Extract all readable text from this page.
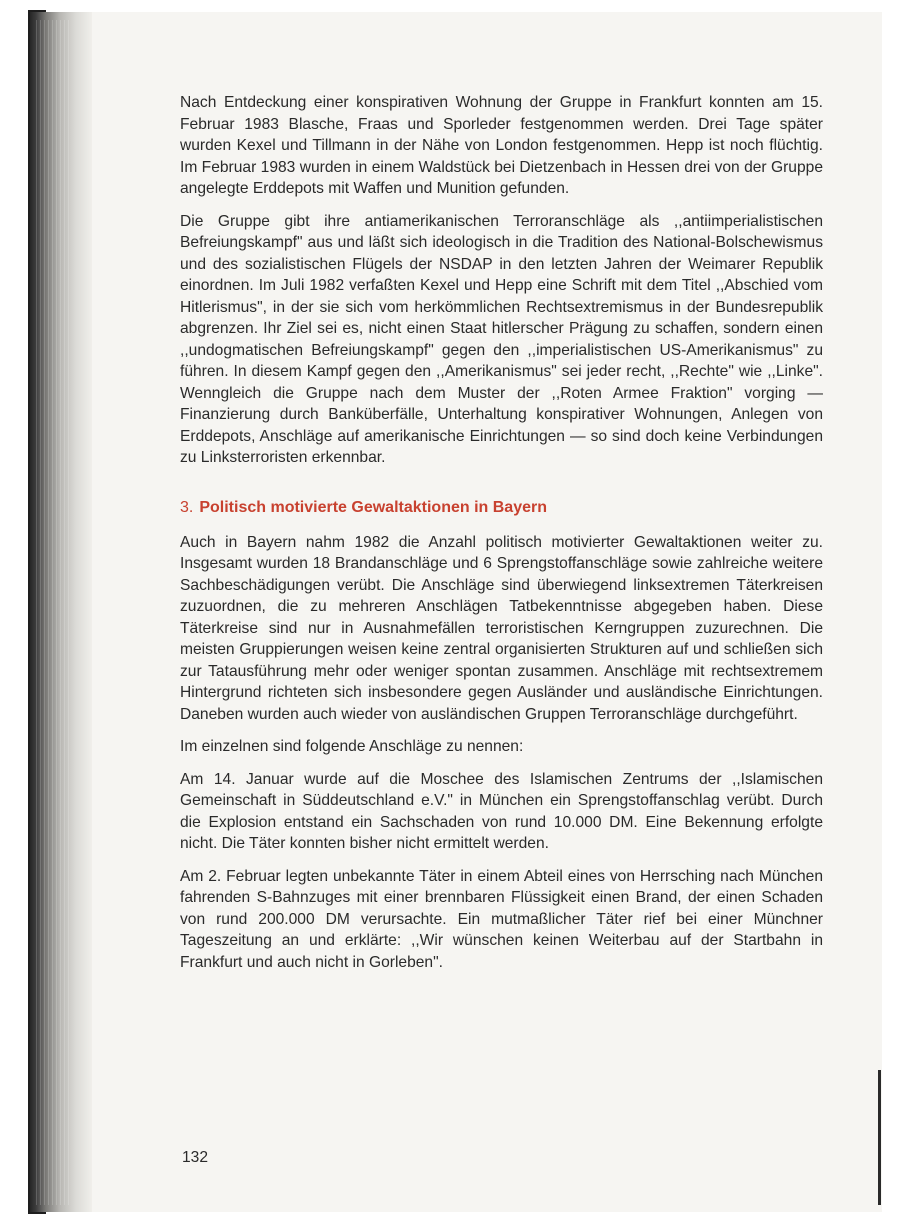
Nach Entdeckung einer konspirativen Wohnung der Gruppe in Frankfurt konnten am 15. Februar 1983 Blasche, Fraas und Sporleder festgenommen werden. Drei Tage später wurden Kexel und Tillmann in der Nähe von London festgenommen. Hepp ist noch flüchtig. Im Februar 1983 wurden in einem Waldstück bei Dietzenbach in Hessen drei von der Gruppe angelegte Erddepots mit Waffen und Munition gefunden.

Die Gruppe gibt ihre antiamerikanischen Terroranschläge als ,,antiimperialistischen Befreiungskampf" aus und läßt sich ideologisch in die Tradition des National-Bolschewismus und des sozialistischen Flügels der NSDAP in den letzten Jahren der Weimarer Republik einordnen. Im Juli 1982 verfaßten Kexel und Hepp eine Schrift mit dem Titel ,,Abschied vom Hitlerismus", in der sie sich vom herkömmlichen Rechtsextremismus in der Bundesrepublik abgrenzen. Ihr Ziel sei es, nicht einen Staat hitlerscher Prägung zu schaffen, sondern einen ,,undogmatischen Befreiungskampf" gegen den ,,imperialistischen US-Amerikanismus" zu führen. In diesem Kampf gegen den ,,Amerikanismus" sei jeder recht, ,,Rechte" wie ,,Linke". Wenngleich die Gruppe nach dem Muster der ,,Roten Armee Fraktion" vorging — Finanzierung durch Banküberfälle, Unterhaltung konspirativer Wohnungen, Anlegen von Erddepots, Anschläge auf amerikanische Einrichtungen — so sind doch keine Verbindungen zu Linksterroristen erkennbar.

3. Politisch motivierte Gewaltaktionen in Bayern

Auch in Bayern nahm 1982 die Anzahl politisch motivierter Gewaltaktionen weiter zu. Insgesamt wurden 18 Brandanschläge und 6 Sprengstoffanschläge sowie zahlreiche weitere Sachbeschädigungen verübt. Die Anschläge sind überwiegend linksextremen Täterkreisen zuzuordnen, die zu mehreren Anschlägen Tatbekenntnisse abgegeben haben. Diese Täterkreise sind nur in Ausnahmefällen terroristischen Kerngruppen zuzurechnen. Die meisten Gruppierungen weisen keine zentral organisierten Strukturen auf und schließen sich zur Tatausführung mehr oder weniger spontan zusammen. Anschläge mit rechtsextremem Hintergrund richteten sich insbesondere gegen Ausländer und ausländische Einrichtungen. Daneben wurden auch wieder von ausländischen Gruppen Terroranschläge durchgeführt.

Im einzelnen sind folgende Anschläge zu nennen:

Am 14. Januar wurde auf die Moschee des Islamischen Zentrums der ,,Islamischen Gemeinschaft in Süddeutschland e.V." in München ein Sprengstoffanschlag verübt. Durch die Explosion entstand ein Sachschaden von rund 10.000 DM. Eine Bekennung erfolgte nicht. Die Täter konnten bisher nicht ermittelt werden.

Am 2. Februar legten unbekannte Täter in einem Abteil eines von Herrsching nach München fahrenden S-Bahnzuges mit einer brennbaren Flüssigkeit einen Brand, der einen Schaden von rund 200.000 DM verursachte. Ein mutmaßlicher Täter rief bei einer Münchner Tageszeitung an und erklärte: ,,Wir wünschen keinen Weiterbau auf der Startbahn in Frankfurt und auch nicht in Gorleben".

132
